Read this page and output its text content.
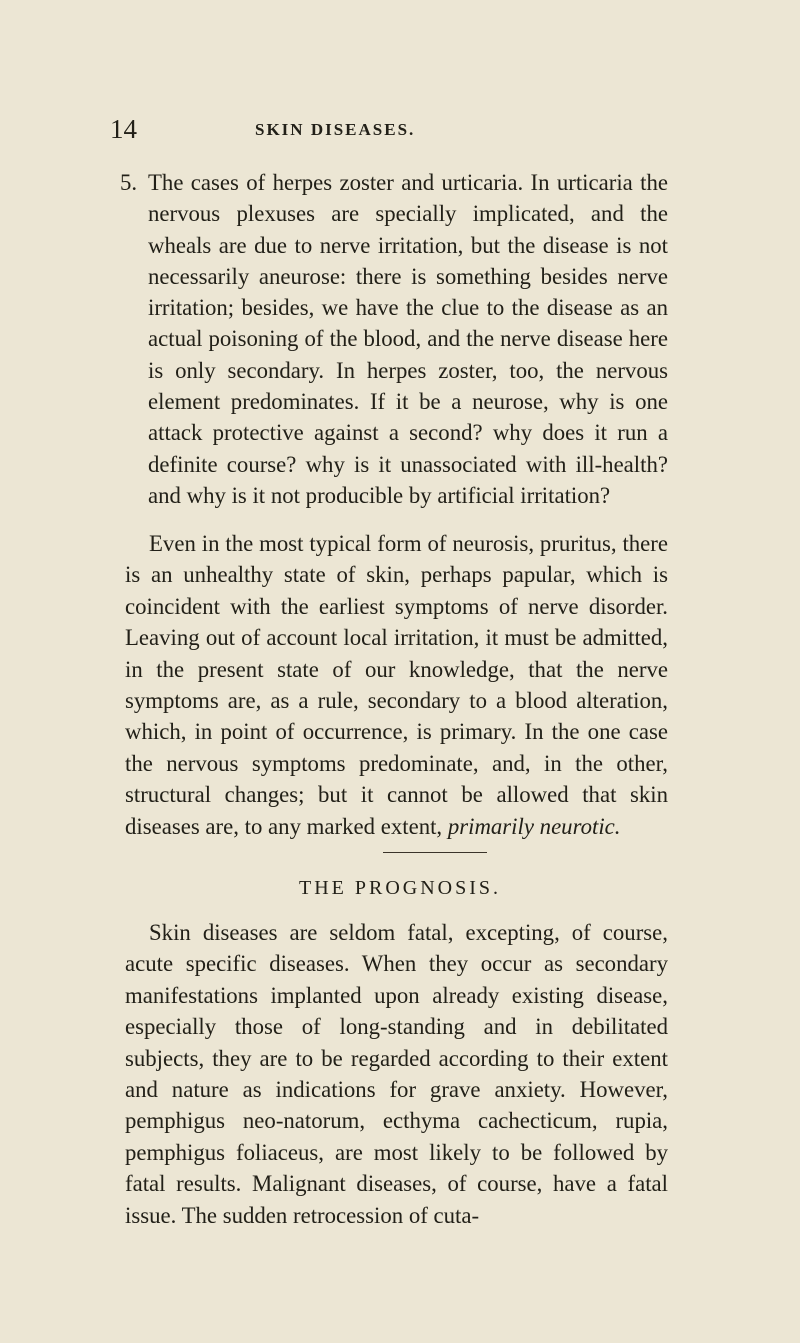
14	SKIN DISEASES.
5. The cases of herpes zoster and urticaria. In urticaria the nervous plexuses are specially implicated, and the wheals are due to nerve irritation, but the disease is not necessarily aneurose: there is something besides nerve irritation; besides, we have the clue to the disease as an actual poisoning of the blood, and the nerve disease here is only secondary. In herpes zoster, too, the nervous element predominates. If it be a neurose, why is one attack protective against a second? why does it run a definite course? why is it unassociated with ill-health? and why is it not producible by artificial irritation?

Even in the most typical form of neurosis, pruritus, there is an unhealthy state of skin, perhaps papular, which is coincident with the earliest symptoms of nerve disorder. Leaving out of account local irritation, it must be admitted, in the present state of our knowledge, that the nerve symptoms are, as a rule, secondary to a blood alteration, which, in point of occurrence, is primary. In the one case the nervous symptoms predominate, and, in the other, structural changes; but it cannot be allowed that skin diseases are, to any marked extent, primarily neurotic.

THE PROGNOSIS.

Skin diseases are seldom fatal, excepting, of course, acute specific diseases. When they occur as secondary manifestations implanted upon already existing disease, especially those of long-standing and in debilitated subjects, they are to be regarded according to their extent and nature as indications for grave anxiety. However, pemphigus neo-natorum, ecthyma cachecticum, rupia, pemphigus foliaceus, are most likely to be followed by fatal results. Malignant diseases, of course, have a fatal issue. The sudden retrocession of cuta-
